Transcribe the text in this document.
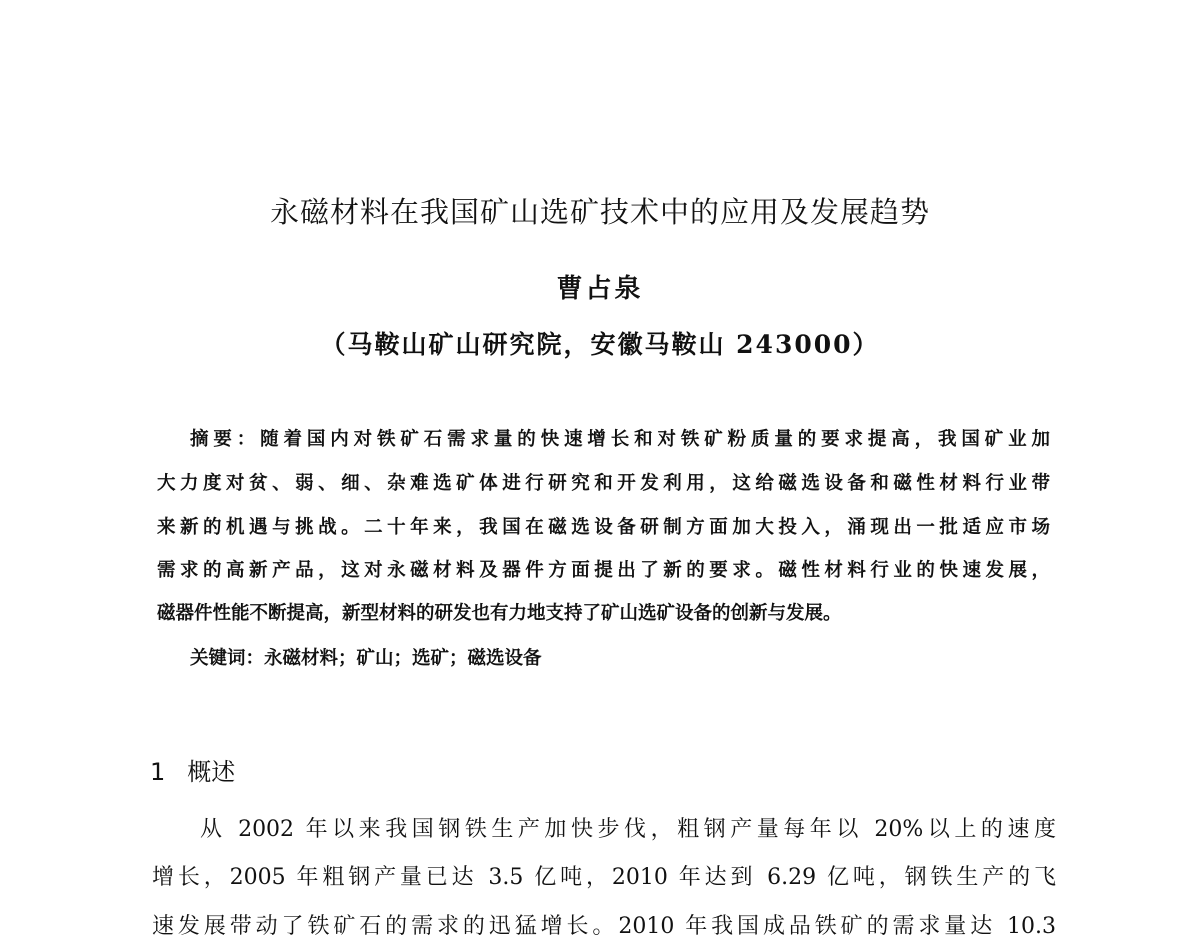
永磁材料在我国矿山选矿技术中的应用及发展趋势
曹占泉
（马鞍山矿山研究院，安徽马鞍山 243000）
摘要：随着国内对铁矿石需求量的快速增长和对铁矿粉质量的要求提高，我国矿业加
大力度对贫、弱、细、杂难选矿体进行研究和开发利用，这给磁选设备和磁性材料行业带
来新的机遇与挑战。二十年来，我国在磁选设备研制方面加大投入，涌现出一批适应市场
需求的高新产品，这对永磁材料及器件方面提出了新的要求。磁性材料行业的快速发展，
磁器件性能不断提高，新型材料的研发也有力地支持了矿山选矿设备的创新与发展。
关键词：永磁材料；矿山；选矿；磁选设备
1 概述
从 2002 年以来我国钢铁生产加快步伐，粗钢产量每年以 20%以上的速度
增长，2005 年粗钢产量已达 3.5 亿吨，2010 年达到 6.29 亿吨，钢铁生产的飞
速发展带动了铁矿石的需求的迅猛增长。2010 年我国成品铁矿的需求量达 10.3
